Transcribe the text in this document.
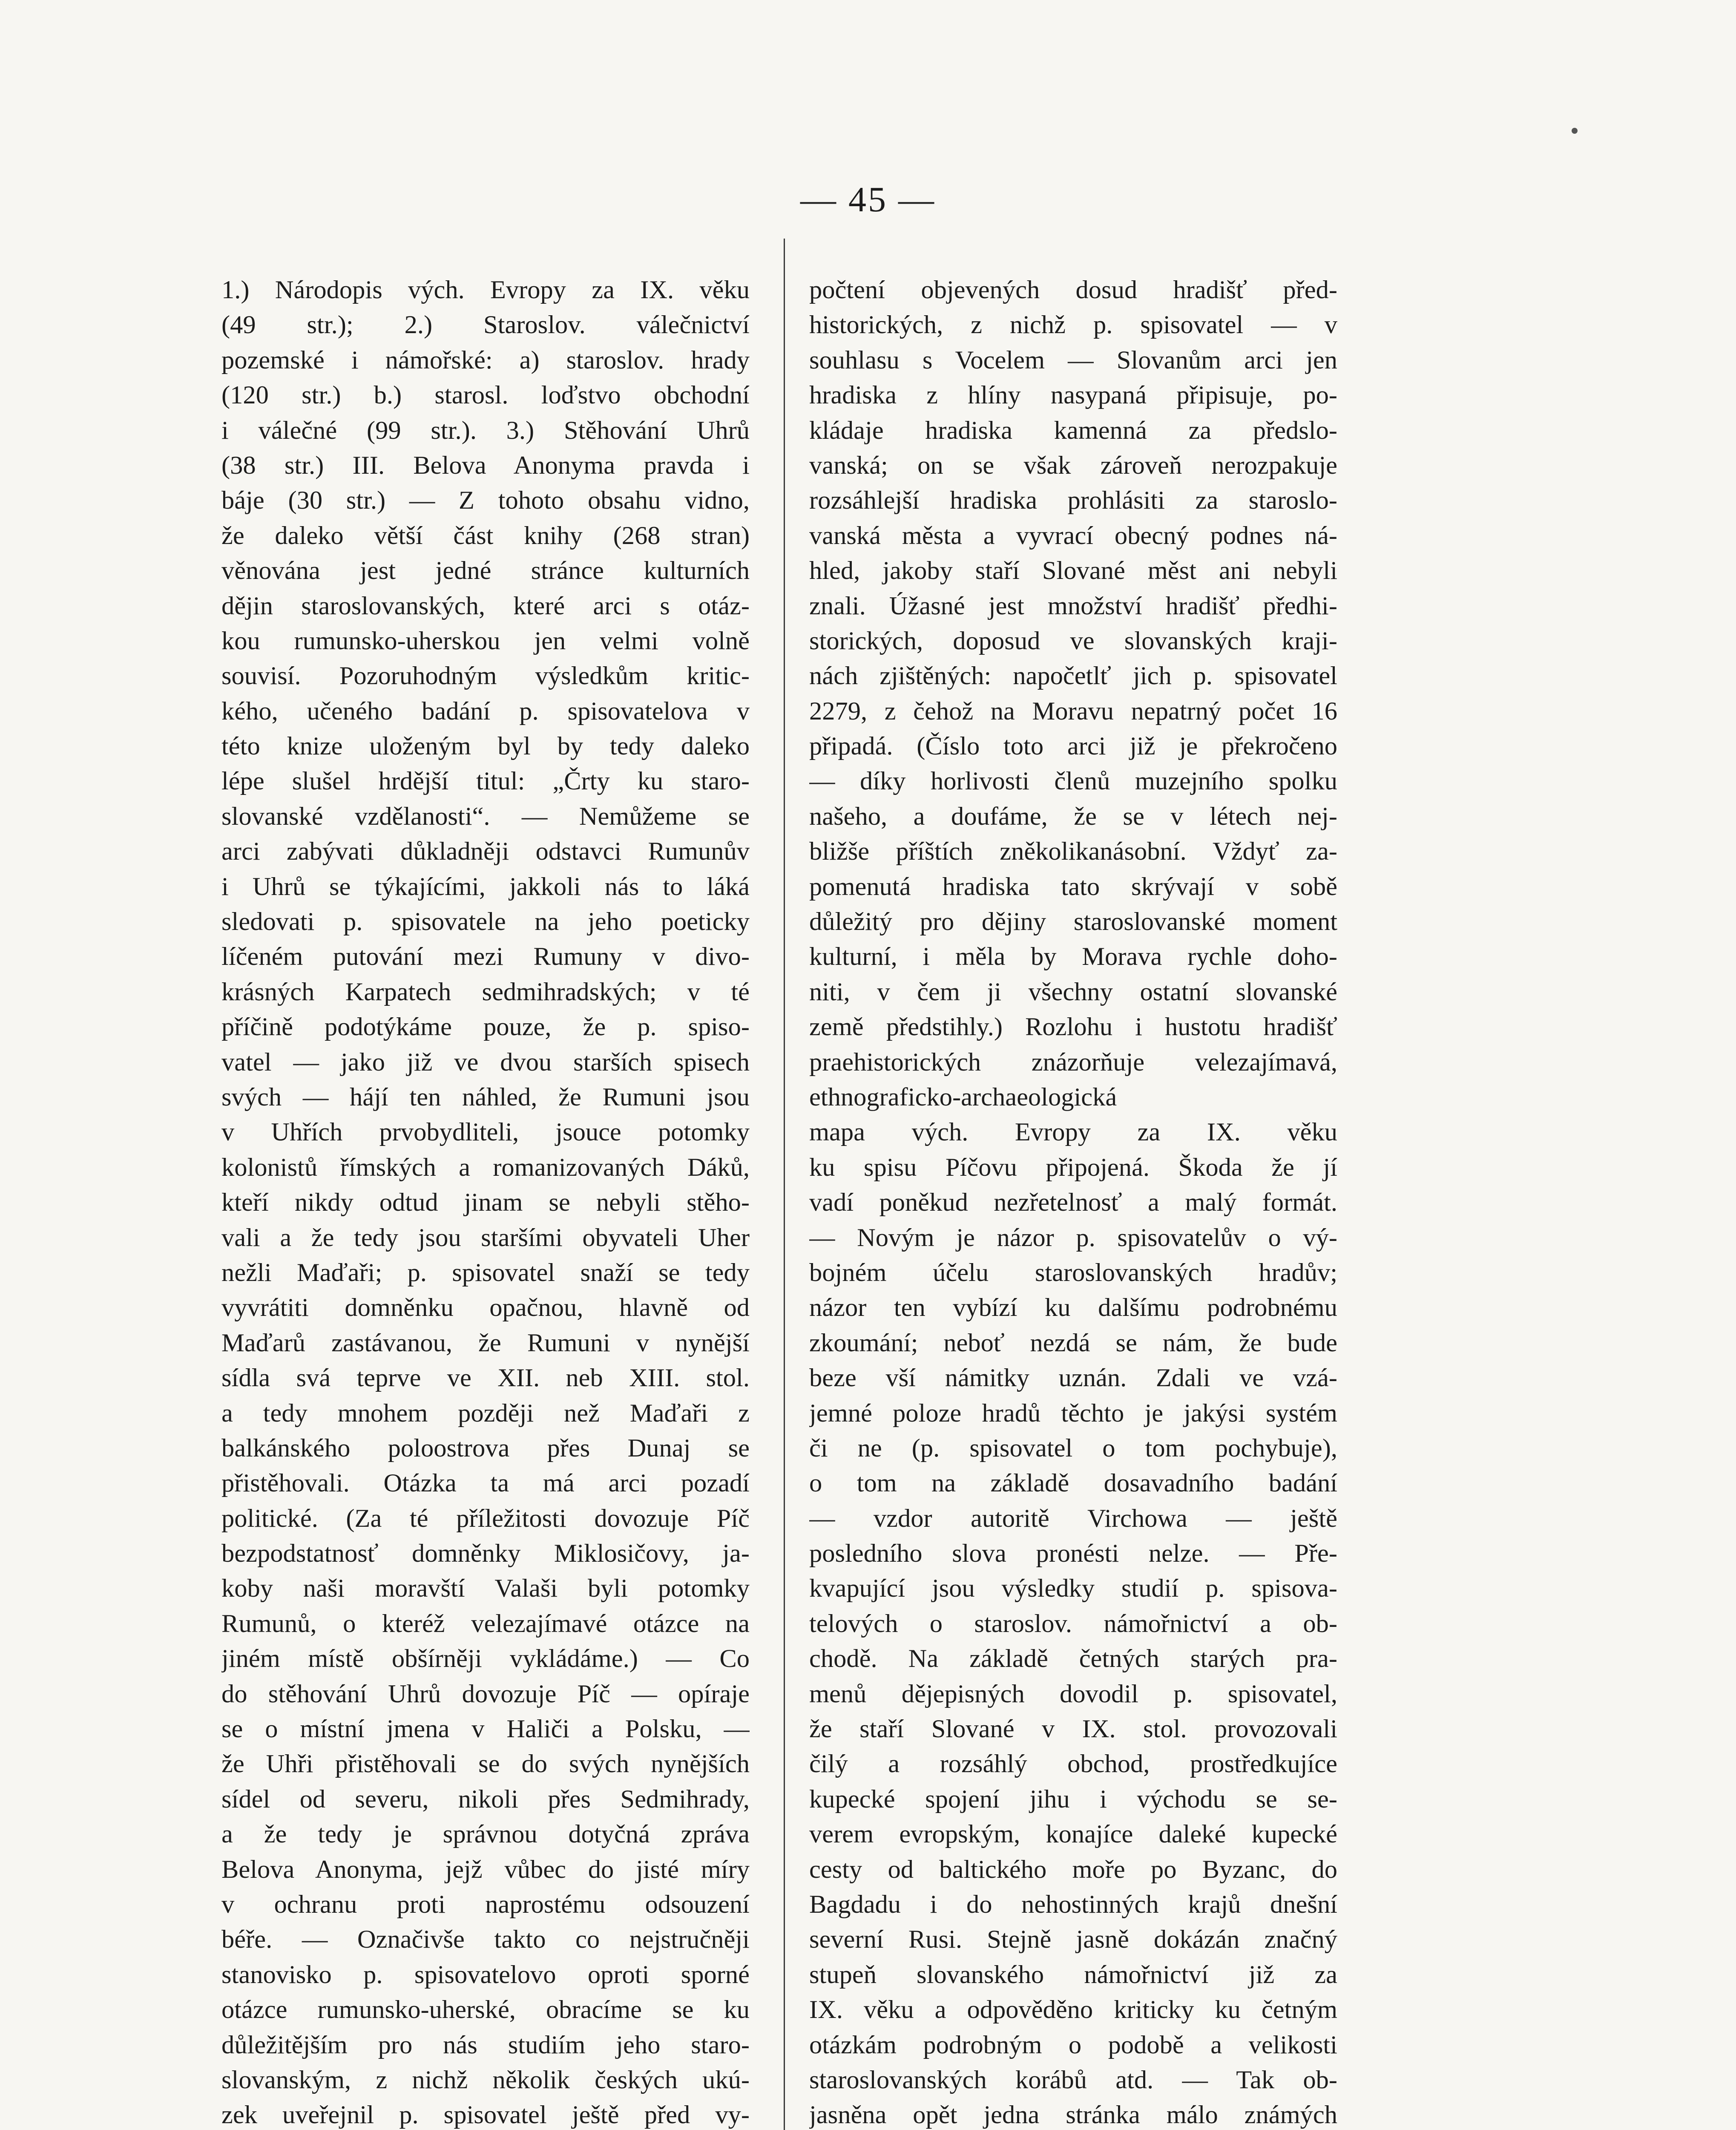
— 45 —
1.) Národopis vých. Evropy za IX. věku
(49 str.); 2.) Staroslov. válečnictví
pozemské i námořské: a) staroslov. hrady
(120 str.) b.) starosl. loďstvo obchodní
i válečné (99 str.). 3.) Stěhování Uhrů
(38 str.) III. Belova Anonyma pravda i
báje (30 str.) — Z tohoto obsahu vidno,
že daleko větší část knihy (268 stran)
věnována jest jedné stránce kulturních
dějin staroslovanských, které arci s otáz-
kou rumunsko-uherskou jen velmi volně
souvisí. Pozoruhodným výsledkům kritic-
kého, učeného badání p. spisovatelova v
této knize uloženým byl by tedy daleko
lépe slušel hrdější titul: „Črty ku staro-
slovanské vzdělanosti“. — Nemůžeme se
arci zabývati důkladněji odstavci Rumunův
i Uhrů se týkajícími, jakkoli nás to láká
sledovati p. spisovatele na jeho poeticky
líčeném putování mezi Rumuny v divo-
krásných Karpatech sedmihradských; v té
příčině podotýkáme pouze, že p. spiso-
vatel — jako již ve dvou starších spisech
svých — hájí ten náhled, že Rumuni jsou
v Uhřích prvobydliteli, jsouce potomky
kolonistů římských a romanizovaných Dáků,
kteří nikdy odtud jinam se nebyli stěho-
vali a že tedy jsou staršími obyvateli Uher
nežli Maďaři; p. spisovatel snaží se tedy
vyvrátiti domněnku opačnou, hlavně od
Maďarů zastávanou, že Rumuni v nynější
sídla svá teprve ve XII. neb XIII. stol.
a tedy mnohem později než Maďaři z
balkánského poloostrova přes Dunaj se
přistěhovali. Otázka ta má arci pozadí
politické. (Za té příležitosti dovozuje Píč
bezpodstatnosť domněnky Miklosičovy, ja-
koby naši moravští Valaši byli potomky
Rumunů, o kteréž velezajímavé otázce na
jiném místě obšírněji vykládáme.) — Co
do stěhování Uhrů dovozuje Píč — opíraje
se o místní jmena v Haliči a Polsku, —
že Uhři přistěhovali se do svých nynějších
sídel od severu, nikoli přes Sedmihrady,
a že tedy je správnou dotyčná zpráva
Belova Anonyma, jejž vůbec do jisté míry
v ochranu proti naprostému odsouzení
béře. — Označivše takto co nejstručněji
stanovisko p. spisovatelovo oproti sporné
otázce rumunsko-uherské, obracíme se ku
důležitějším pro nás studiím jeho staro-
slovanským, z nichž několik českých ukú-
zek uveřejnil p. spisovatel ještě před vy-
počtení objevených dosud hradišť před-
historických, z nichž p. spisovatel — v
souhlasu s Vocelem — Slovanům arci jen
hradiska z hlíny nasypaná připisuje, po-
kládaje hradiska kamenná za předslo-
vanská; on se však zároveň nerozpakuje
rozsáhlejší hradiska prohlásiti za staroslo-
vanská města a vyvrací obecný podnes ná-
hled, jakoby staří Slované měst ani nebyli
znali. Úžasné jest množství hradišť předhi-
storických, doposud ve slovanských kraji-
nách zjištěných: napočetlť jich p. spisovatel
2279, z čehož na Moravu nepatrný počet 16
připadá. (Číslo toto arci již je překročeno
— díky horlivosti členů muzejního spolku
našeho, a doufáme, že se v létech nej-
bližše příštích zněkolikanásobní. Vždyť za-
pomenutá hradiska tato skrývají v sobě
důležitý pro dějiny staroslovanské moment
kulturní, i měla by Morava rychle doho-
niti, v čem ji všechny ostatní slovanské
země předstihly.) Rozlohu i hustotu hradišť
praehistorických znázorňuje velezajímavá,
ethnograficko-archaeologická
mapa vých. Evropy za IX. věku
ku spisu Píčovu připojená. Škoda že jí
vadí poněkud nezřetelnosť a malý formát.
— Novým je názor p. spisovatelův o vý-
bojném účelu staroslovanských hradův;
názor ten vybízí ku dalšímu podrobnému
zkoumání; neboť nezdá se nám, že bude
beze vší námitky uznán. Zdali ve vzá-
jemné poloze hradů těchto je jakýsi systém
či ne (p. spisovatel o tom pochybuje),
o tom na základě dosavadního badání
— vzdor autoritě Virchowa — ještě
posledního slova pronésti nelze. — Pře-
kvapující jsou výsledky studií p. spisova-
telových o staroslov. námořnictví a ob-
chodě. Na základě četných starých pra-
menů dějepisných dovodil p. spisovatel,
že staří Slované v IX. stol. provozovali
čilý a rozsáhlý obchod, prostředkujíce
kupecké spojení jihu i východu se se-
verem evropským, konajíce daleké kupecké
cesty od baltického moře po Byzanc, do
Bagdadu i do nehostinných krajů dnešní
severní Rusi. Stejně jasně dokázán značný
stupeň slovanského námořnictví již za
IX. věku a odpověděno kriticky ku četným
otázkám podrobným o podobě a velikosti
staroslovanských korábů atd. — Tak ob-
jasněna opět jedna stránka málo známých
